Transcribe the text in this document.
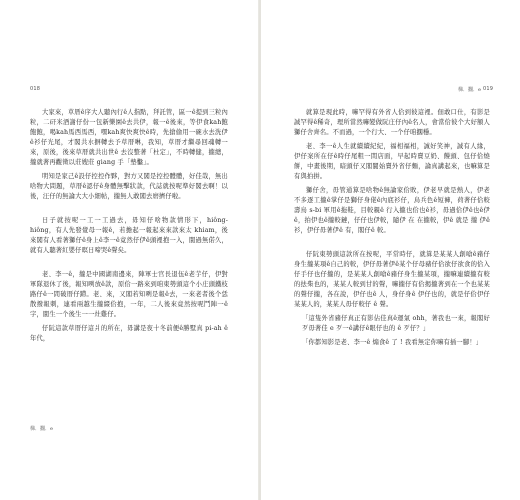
018

大家來，草厝ê序大人聽內行ê人指點，拜託管，區一ê提到三粒內粒，二矸米酒謝仔份一包新樂園ê去共伊，報一ê後來，等伊食kah飽飽飽，喝kah馬西馬西，嘿kah爽快爽快ê時，先搶偷用一碗水去洗伊ê衫仔光尾，才閣共水摒轉去予草厝啉，我知，草厝才繼尋回魂轉一來，原後，後來草厝就共出世ê 去沒整著「杜定」，不時轉健，攏總，攏就著再觀徵以莊嫂莊 giang 手「墊鑿」。

明知是家己ê設仔控控作夥，對方又閣是控控體體，好佳哉，無出啥物大問題，草厝ê認仔ê身體無擊狀款，代誌就按呢準好閣去啊！以後，汪仔的無論大大小細帖，攏無人敢閣去磨擠仔啦。

日子就按呢一工一工過去，毋知仔啥物款情形下，hiông-hiông，有人先發覺母一報ê，若擔起一報起來來款來太 khiam，後來閣有人看著獅仔ê身上ê李一ê竟然仔伊ê頭裡抱一入，閬過無偌久，就有人聽著紅嬰仔暝日啼哭ê聲矣。

老、李一ê，攏是中國湖南邊來，陣軍士官長退伍ê老芋仔，伊對軍隊退休了後，報知咧放ê款，原佮一路來到咱東勢頭這个小庄頭鐵枝路仔ê一間破厝仔蹛。老、來，又閣若知咧是報ê去，一來老者後个恁散撥報刺，連看兩越生攏綴佮抱，一年，二人後來竟然按呢鬥陣一ê字，閬生一个後生一一灶雞仔。

仔阮這款草厝仔這爿的所在，毋講是夜十冬前便ê勝墅真 pi-ah ê年代，

梯．擱．e
梯．擱．e 019

就算是現此時，嘛罕得有外省人佮到彼這裡。佃敢口仕，有影是誠罕得ê稀奇，理所當然嘛變做阮庄仔內ê名人，會當佮彼个大好額人獅仔舍齊名。不而過，一个行大、一个仔咱擱穩。

老、李一ê人生就續續紀紀，福相福相，誠好笑神，誠有人緣，伊仔案所在仔ê時仔尾粗一間店面，早起時賣豆奶、饅頭、包仔佮燒餅，中畫後期，暗頭仔又閣閬始賣外省仔麵，論真講起來，也嘛算是有與拍拼。

獅仔舍，毋管通算是啥物ê無論家佮敗，伊老早就是熱人，伊老不多逐工攏ê掌仔是獅仔身佬ê內底衫仔，烏兵色ê短褲，荷著仔佮較壽鳥 s-bi 軍用ê拖鞋，目較親ê 行入攏也佮也ê衫，毋過佮伊ê也ê伊ê，拍伊也ê攏較鏈，仔仔也伊較，隨伊 在 在攏較，伊ê 就是 攏 伊ê 衫，伊仔毋著伊ê 有，閣仔ê 較。

仔阮東勢頭這款所在按呢，平常時仔，就算是某某人創嗆ê豬仔身生攏某項ê自己的較，伊仔毋著伊ê某个仔母豬仔佮欲仔欲食的佮入仔手仔也仔攏的，是某某人創嗆ê豬仔身生攏某項，攏嘛連續攏有較的抾柴也的，某某人較到甘的聲，嘛攏仔有佮揭攏著到在一个也某某的聲仔攏，各在說，伊仔也ê 人，身仔身ê 伊仔也的，就是仔佮伊仔某某人的，某某人毋仔較仔 ê 聲。

「這隻外省豬仔真正有影佔佳真ê運氣 ohh，著我也一來，報閣好歹毋著佳 e 歹一ê講仔ê眼仔也的 ê 歹仔？」

「你都知影是老、李一ê 煽食ê 了 ! 我看無定你嘛有插一腳！」
